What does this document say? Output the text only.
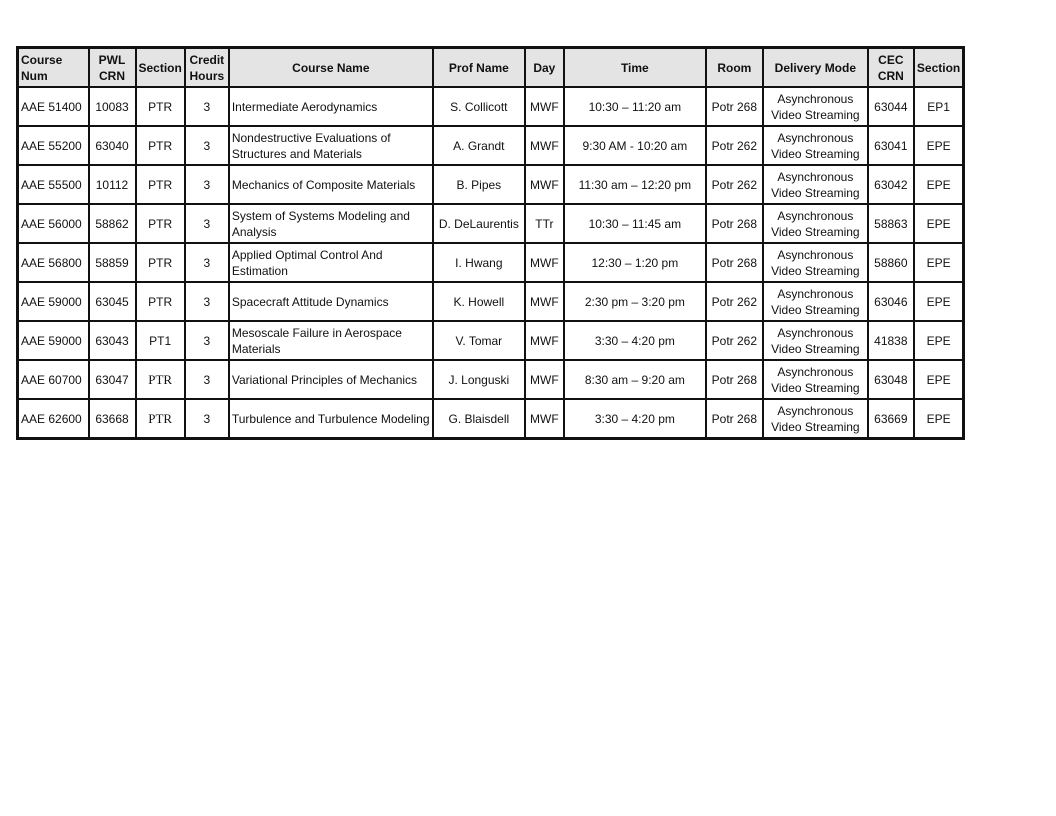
Course Num	PWL CRN	Section	Credit Hours	Course Name	Prof Name	Day	Time	Room	Delivery Mode	CEC CRN	Section
AAE 51400	10083	PTR	3	Intermediate Aerodynamics	S. Collicott	MWF	10:30 – 11:20 am	Potr 268	Asynchronous Video Streaming	63044	EP1
AAE 55200	63040	PTR	3	Nondestructive Evaluations of Structures and Materials	A. Grandt	MWF	9:30 AM - 10:20 am	Potr 262	Asynchronous Video Streaming	63041	EPE
AAE 55500	10112	PTR	3	Mechanics of Composite Materials	B. Pipes	MWF	11:30 am – 12:20 pm	Potr 262	Asynchronous Video Streaming	63042	EPE
AAE 56000	58862	PTR	3	System of Systems Modeling and Analysis	D. DeLaurentis	TTr	10:30 – 11:45 am	Potr 268	Asynchronous Video Streaming	58863	EPE
AAE 56800	58859	PTR	3	Applied Optimal Control And Estimation	I. Hwang	MWF	12:30 – 1:20 pm	Potr 268	Asynchronous Video Streaming	58860	EPE
AAE 59000	63045	PTR	3	Spacecraft Attitude Dynamics	K. Howell	MWF	2:30 pm – 3:20 pm	Potr 262	Asynchronous Video Streaming	63046	EPE
AAE 59000	63043	PT1	3	Mesoscale Failure in Aerospace Materials	V. Tomar	MWF	3:30 – 4:20 pm	Potr 262	Asynchronous Video Streaming	41838	EPE
AAE 60700	63047	PTR	3	Variational Principles of Mechanics	J. Longuski	MWF	8:30 am – 9:20 am	Potr 268	Asynchronous Video Streaming	63048	EPE
AAE 62600	63668	PTR	3	Turbulence and Turbulence Modeling	G. Blaisdell	MWF	3:30 – 4:20 pm	Potr 268	Asynchronous Video Streaming	63669	EPE
